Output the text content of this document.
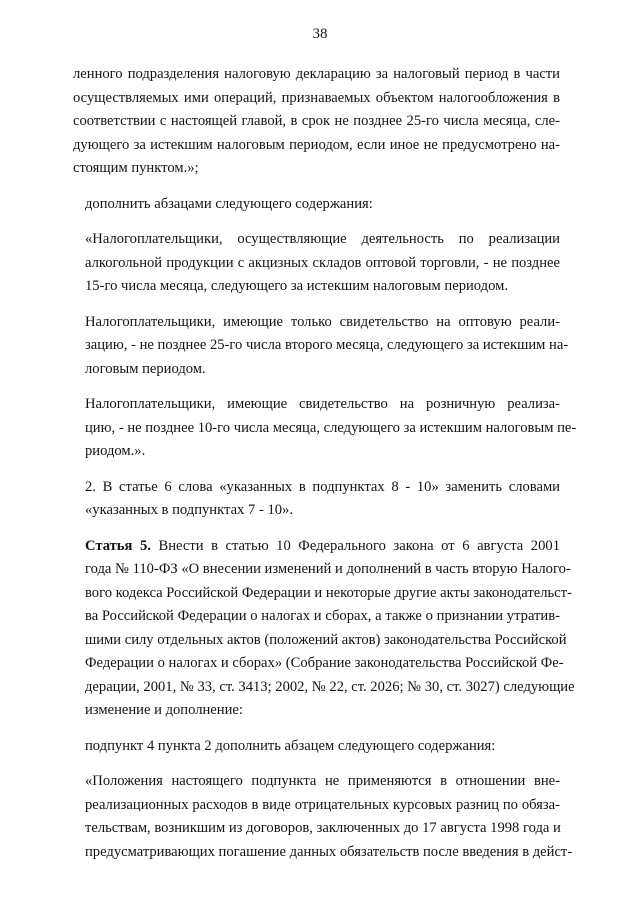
38

ленного подразделения налоговую декларацию за налоговый период в части
осуществляемых ими операций, признаваемых объектом налогообложения в
соответствии с настоящей главой, в срок не позднее 25-го числа месяца, сле-
дующего за истекшим налоговым периодом, если иное не предусмотрено на-
стоящим пунктом.»;

дополнить абзацами следующего содержания:

«Налогоплательщики, осуществляющие деятельность по реализации
алкогольной продукции с акцизных складов оптовой торговли, - не позднее
15-го числа месяца, следующего за истекшим налоговым периодом.

Налогоплательщики, имеющие только свидетельство на оптовую реали-
зацию, - не позднее 25-го числа второго месяца, следующего за истекшим на-
логовым периодом.

Налогоплательщики, имеющие свидетельство на розничную реализа-
цию, - не позднее 10-го числа месяца, следующего за истекшим налоговым пе-
риодом.».

2. В статье 6 слова «указанных в подпунктах 8 - 10» заменить словами
«указанных в подпунктах 7 - 10».

Статья 5. Внести в статью 10 Федерального закона от 6 августа 2001
года № 110-ФЗ «О внесении изменений и дополнений в часть вторую Налого-
вого кодекса Российской Федерации и некоторые другие акты законодательст-
ва Российской Федерации о налогах и сборах, а также о признании утратив-
шими силу отдельных актов (положений актов) законодательства Российской
Федерации о налогах и сборах» (Собрание законодательства Российской Фе-
дерации, 2001, № 33, ст. 3413; 2002, № 22, ст. 2026; № 30, ст. 3027) следующие
изменение и дополнение:

подпункт 4 пункта 2 дополнить абзацем следующего содержания:

«Положения настоящего подпункта не применяются в отношении вне-
реализационных расходов в виде отрицательных курсовых разниц по обяза-
тельствам, возникшим из договоров, заключенных до 17 августа 1998 года и
предусматривающих погашение данных обязательств после введения в дейст-
